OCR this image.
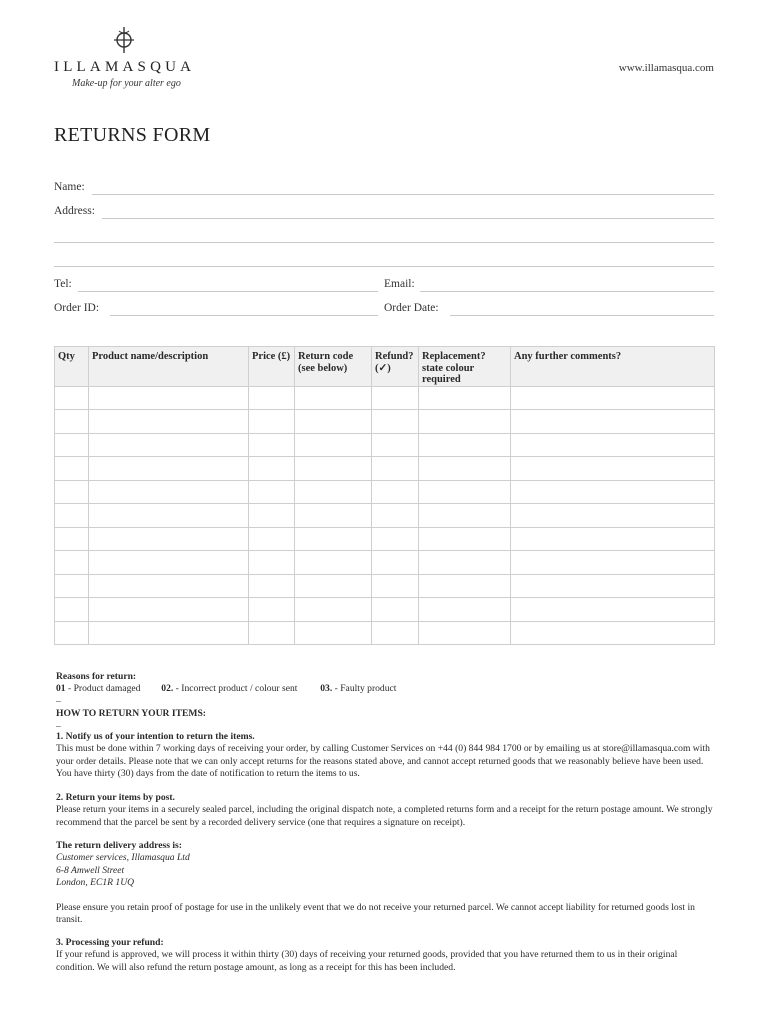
ILLAMASQUA
Make-up for your alter ego
www.illamasqua.com
RETURNS FORM
Name:
Address:
Tel:	Email:
Order ID:	Order Date:
Qty	Product name/description	Price (£)	Return code (see below)	Refund? (✓)	Replacement? state colour required	Any further comments?

Reasons for return:

01 - Product damaged 02. - Incorrect product / colour sent 03. - Faulty product

–

HOW TO RETURN YOUR ITEMS:

–

1. Notify us of your intention to return the items.

This must be done within 7 working days of receiving your order, by calling Customer Services on +44 (0) 844 984 1700 or by emailing us at store@illamasqua.com with your order details. Please note that we can only accept returns for the reasons stated above, and cannot accept returned goods that we reasonably believe have been used. You have thirty (30) days from the date of notification to return the items to us.

2. Return your items by post.

Please return your items in a securely sealed parcel, including the original dispatch note, a completed returns form and a receipt for the return postage amount. We strongly recommend that the parcel be sent by a recorded delivery service (one that requires a signature on receipt).

The return delivery address is:

Customer services, Illamasqua Ltd

6-8 Amwell Street

London, EC1R 1UQ

Please ensure you retain proof of postage for use in the unlikely event that we do not receive your returned parcel. We cannot accept liability for returned goods lost in transit.

3. Processing your refund:

If your refund is approved, we will process it within thirty (30) days of receiving your returned goods, provided that you have returned them to us in their original condition. We will also refund the return postage amount, as long as a receipt for this has been included.
